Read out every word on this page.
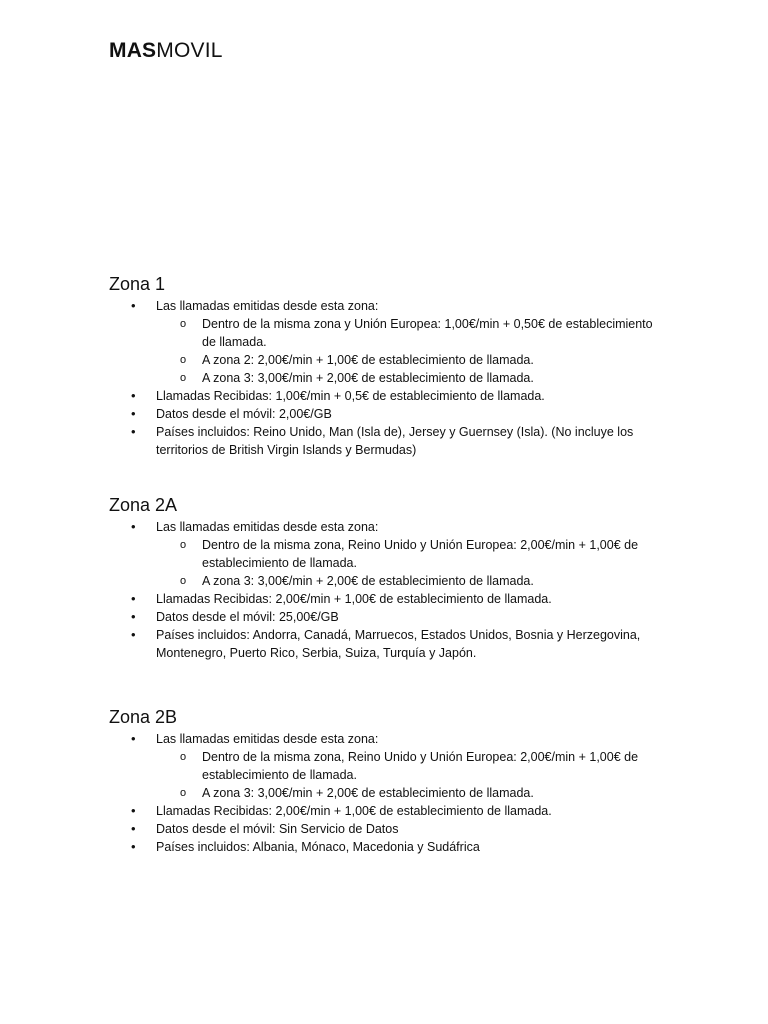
MASMOVIL
Zona 1
• Las llamadas emitidas desde esta zona:
o Dentro de la misma zona y Unión Europea: 1,00€/min + 0,50€ de establecimiento de llamada.
o A zona 2: 2,00€/min + 1,00€ de establecimiento de llamada.
o A zona 3: 3,00€/min + 2,00€ de establecimiento de llamada.
• Llamadas Recibidas: 1,00€/min + 0,5€ de establecimiento de llamada.
• Datos desde el móvil: 2,00€/GB
• Países incluidos: Reino Unido, Man (Isla de), Jersey y Guernsey (Isla). (No incluye los territorios de British Virgin Islands y Bermudas)
Zona 2A
• Las llamadas emitidas desde esta zona:
o Dentro de la misma zona, Reino Unido y Unión Europea: 2,00€/min + 1,00€ de establecimiento de llamada.
o A zona 3: 3,00€/min + 2,00€ de establecimiento de llamada.
• Llamadas Recibidas: 2,00€/min + 1,00€ de establecimiento de llamada.
• Datos desde el móvil: 25,00€/GB
• Países incluidos: Andorra, Canadá, Marruecos, Estados Unidos, Bosnia y Herzegovina, Montenegro, Puerto Rico, Serbia, Suiza, Turquía y Japón.
Zona 2B
• Las llamadas emitidas desde esta zona:
o Dentro de la misma zona, Reino Unido y Unión Europea: 2,00€/min + 1,00€ de establecimiento de llamada.
o A zona 3: 3,00€/min + 2,00€ de establecimiento de llamada.
• Llamadas Recibidas: 2,00€/min + 1,00€ de establecimiento de llamada.
• Datos desde el móvil: Sin Servicio de Datos
• Países incluidos: Albania, Mónaco, Macedonia y Sudáfrica
